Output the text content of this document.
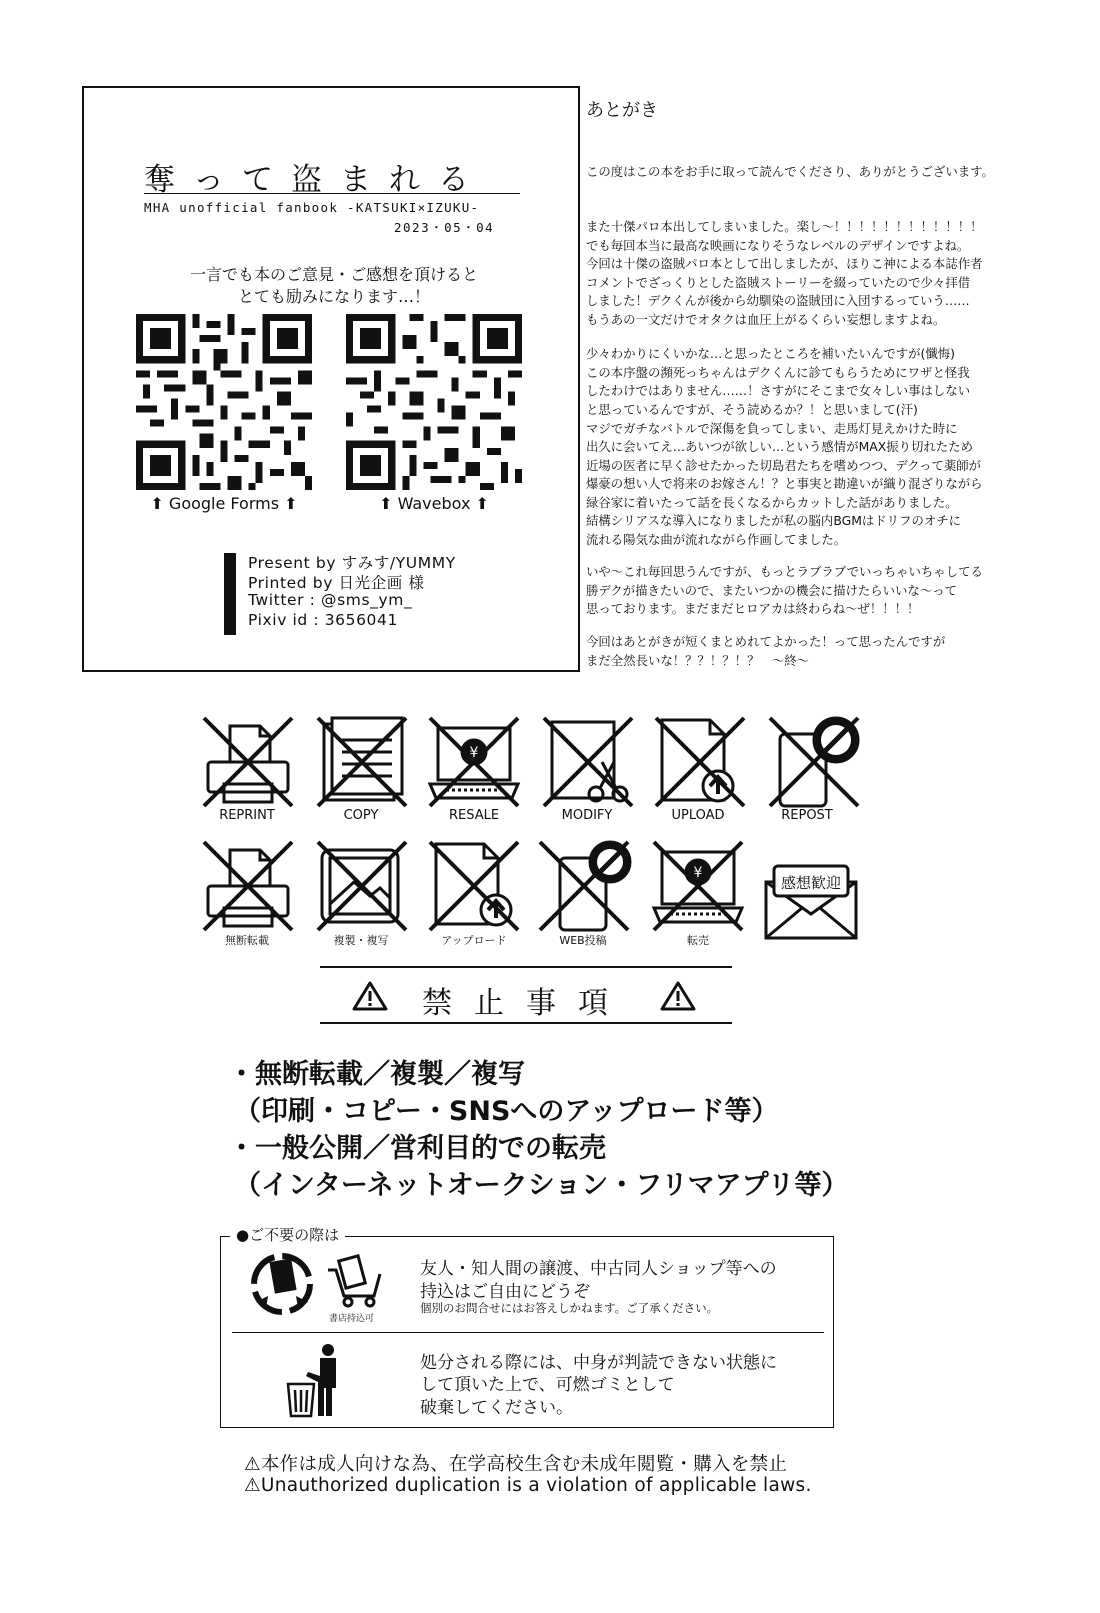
奪って盗まれる
MHA unofficial fanbook -KATSUKI×IZUKU-
2023・05・04
一言でも本のご意見・ご感想を頂けると
とても励みになります…！
⬆ Google Forms ⬆	⬆ Wavebox ⬆
Present by すみす/YUMMY
Printed by 日光企画 様
Twitter : @sms_ym_
Pixiv id : 3656041
あとがき
この度はこの本をお手に取って読んでくださり、ありがとうございます。
また十傑パロ本出してしまいました。楽し〜！！！！！！！！！！！！
でも毎回本当に最高な映画になりそうなレベルのデザインですよね。
今回は十傑の盗賊パロ本として出しましたが、ほりこ神による本誌作者
コメントでざっくりとした盗賊ストーリーを綴っていたので少々拝借
しました！デクくんが後から幼馴染の盗賊団に入団するっていう……
もうあの一文だけでオタクは血圧上がるくらい妄想しますよね。
少々わかりにくいかな…と思ったところを補いたいんですが(懺悔)
この本序盤の瀕死っちゃんはデクくんに診てもらうためにワザと怪我
したわけではありません……！さすがにそこまで女々しい事はしない
と思っているんですが、そう読めるか？！と思いまして(汗)
マジでガチなバトルで深傷を負ってしまい、走馬灯見えかけた時に
出久に会いてえ…あいつが欲しい…という感情がMAX振り切れたため
近場の医者に早く診せたかった切島君たちを嗜めつつ、デクって薬師が
爆豪の想い人で将来のお嫁さん！？と事実と勘違いが織り混ざりながら
緑谷家に着いたって話を長くなるからカットした話がありました。
結構シリアスな導入になりましたが私の脳内BGMはドリフのオチに
流れる陽気な曲が流れながら作画してました。
いや〜これ毎回思うんですが、もっとラブラブでいっちゃいちゃしてる
勝デクが描きたいので、またいつかの機会に描けたらいいな〜って
思っております。まだまだヒロアカは終わらね〜ぜ！！！！
今回はあとがきが短くまとめれてよかった！って思ったんですが
まだ全然長いな！？？！？！？　〜終〜
¥
REPRINT	COPY	RESALE	MODIFY	UPLOAD	REPOST
¥
感想歓迎
無断転載	複製・複写	アップロード	WEB投稿	転売
禁止事項
・無断転載／複製／複写
（印刷・コピー・SNSへのアップロード等）
・一般公開／営利目的での転売
（インターネットオークション・フリマアプリ等）
●ご不要の際は
書店持込可
友人・知人間の譲渡、中古同人ショップ等への
持込はご自由にどうぞ
個別のお問合せにはお答えしかねます。ご了承ください。
処分される際には、中身が判読できない状態に
して頂いた上で、可燃ゴミとして
破棄してください。
⚠本作は成人向けな為、在学高校生含む未成年閲覧・購入を禁止
⚠Unauthorized duplication is a violation of applicable laws.
